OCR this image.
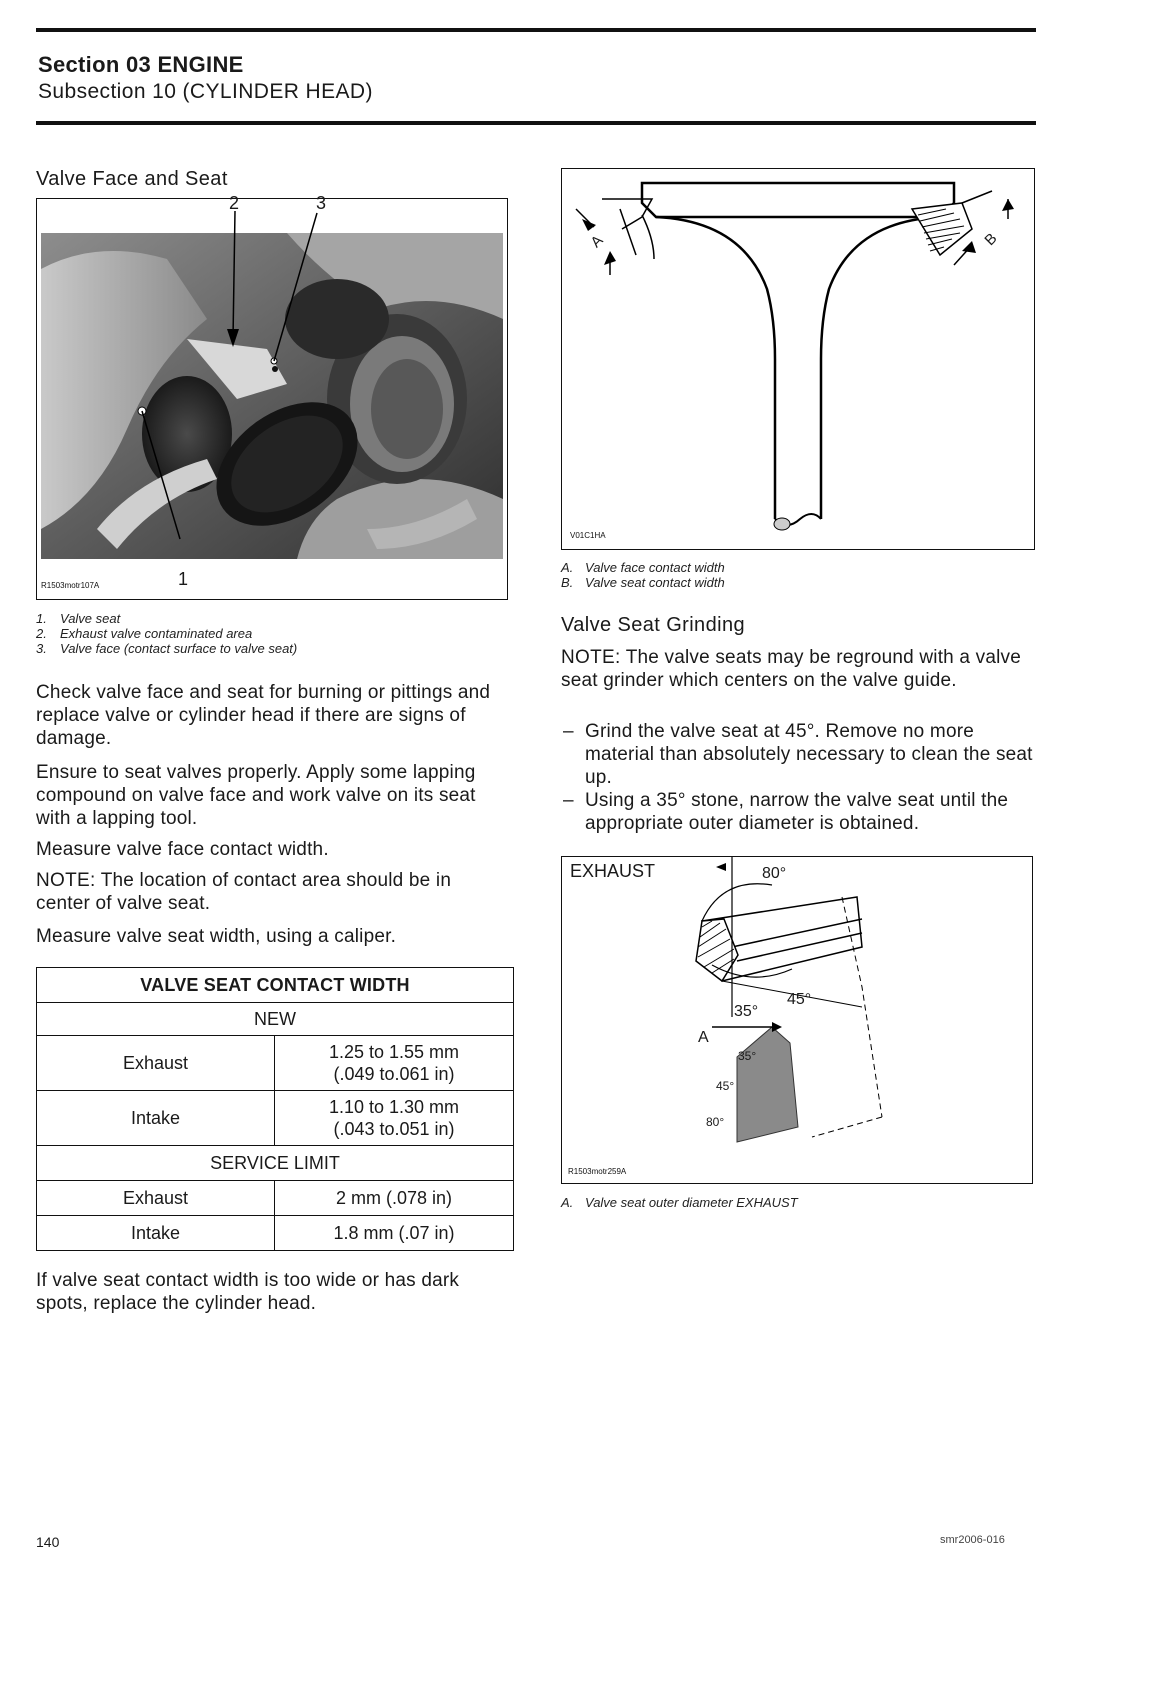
Section 03 ENGINE
Subsection 10 (CYLINDER HEAD)
Valve Face and Seat
2	3
1
R1503motr107A
1. Valve seat
2. Exhaust valve contaminated area
3. Valve face (contact surface to valve seat)
Check valve face and seat for burning or pittings and replace valve or cylinder head if there are signs of damage.
Ensure to seat valves properly. Apply some lapping compound on valve face and work valve on its seat with a lapping tool.
Measure valve face contact width.
NOTE: The location of contact area should be in center of valve seat.
Measure valve seat width, using a caliper.
VALVE SEAT CONTACT WIDTH	
NEW	
Exhaust	1.25 to 1.55 mm
(.049 to.061 in)

Intake	1.10 to 1.30 mm
(.043 to.051 in)

SERVICE LIMIT	
Exhaust	2 mm (.078 in)
Intake	1.8 mm (.07 in)
If valve seat contact width is too wide or has dark spots, replace the cylinder head.
A	B
V01C1HA
A. Valve face contact width
B. Valve seat contact width
Valve Seat Grinding
NOTE: The valve seats may be reground with a valve seat grinder which centers on the valve guide.
– Grind the valve seat at 45°. Remove no more material than absolutely necessary to clean the seat up.
– Using a 35° stone, narrow the valve seat until the appropriate outer diameter is obtained.
EXHAUST	80°
35°
45°
A
35°
45°
80°
R1503motr259A
A. Valve seat outer diameter EXHAUST
140	smr2006-016
